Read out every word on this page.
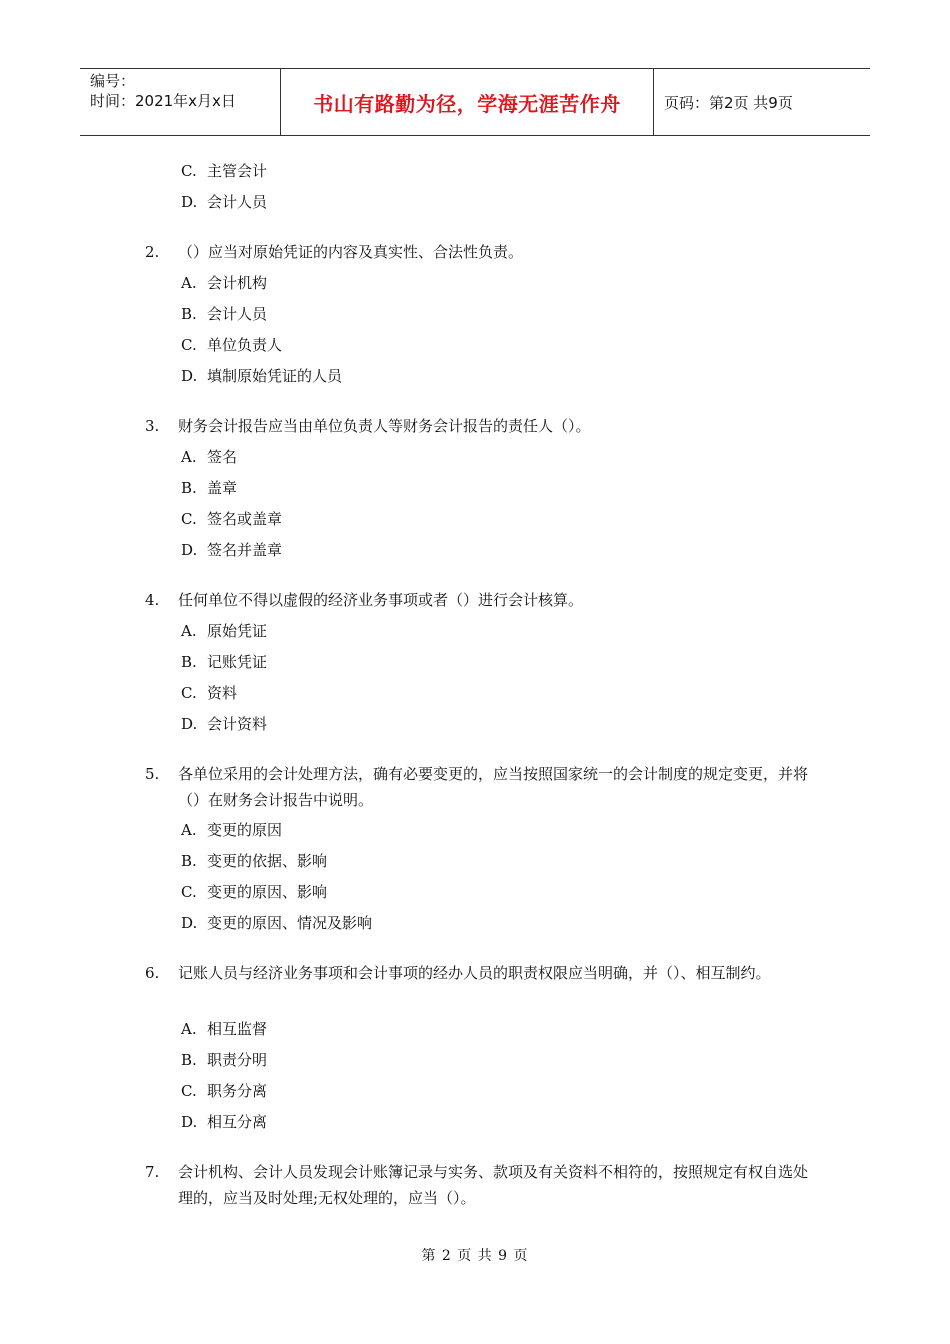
编号：
时间：2021年x月x日	书山有路勤为径，学海无涯苦作舟	页码：第2页 共9页
C. 主管会计
D. 会计人员
2. （）应当对原始凭证的内容及真实性、合法性负责。
A. 会计机构
B. 会计人员
C. 单位负责人
D. 填制原始凭证的人员
3. 财务会计报告应当由单位负责人等财务会计报告的责任人（）。
A. 签名
B. 盖章
C. 签名或盖章
D. 签名并盖章
4. 任何单位不得以虚假的经济业务事项或者（）进行会计核算。
A. 原始凭证
B. 记账凭证
C. 资料
D. 会计资料
5. 各单位采用的会计处理方法，确有必要变更的，应当按照国家统一的会计制度的规定变更，并将（）在财务会计报告中说明。
A. 变更的原因
B. 变更的依据、影响
C. 变更的原因、影响
D. 变更的原因、情况及影响
6. 记账人员与经济业务事项和会计事项的经办人员的职责权限应当明确，并（）、相互制约。
A. 相互监督
B. 职责分明
C. 职务分离
D. 相互分离
7. 会计机构、会计人员发现会计账簿记录与实务、款项及有关资料不相符的，按照规定有权自选处理的，应当及时处理;无权处理的，应当（）。
第 2 页 共 9 页
